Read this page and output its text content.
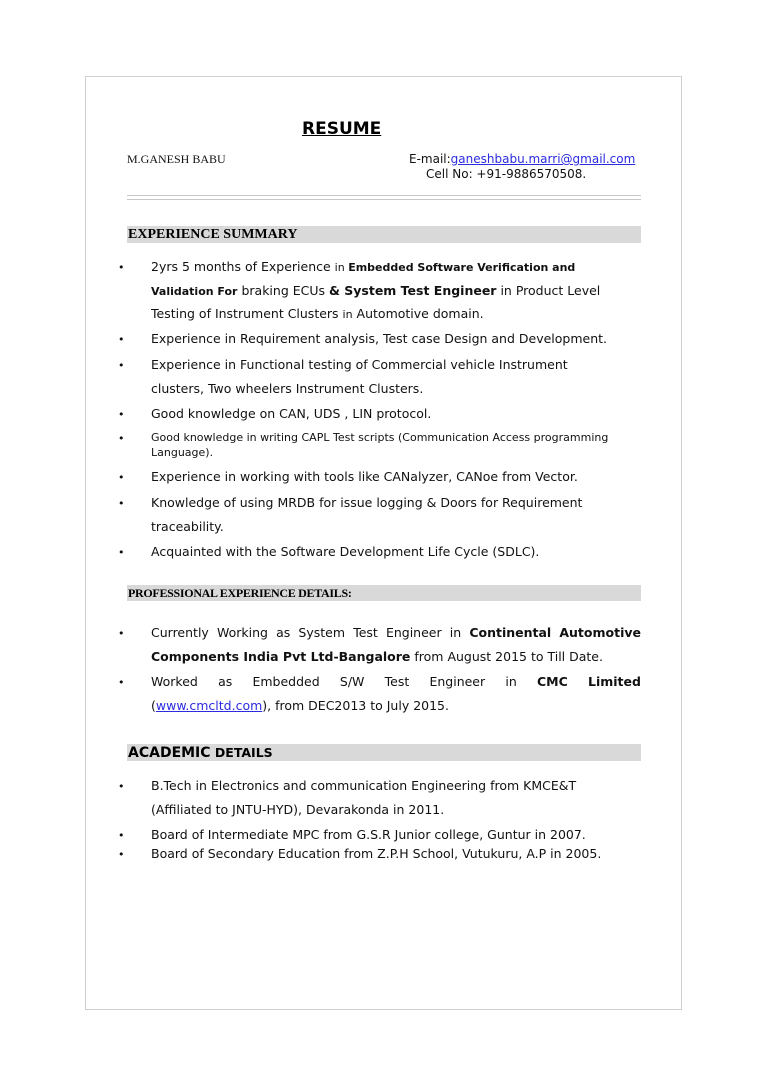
RESUME
M.GANESH BABU	E-mail:ganeshbabu.marri@gmail.com
Cell No: +91-9886570508.
EXPERIENCE SUMMARY
• 2yrs 5 months of Experience in Embedded Software Verification and
Validation For braking ECUs & System Test Engineer in Product Level
Testing of Instrument Clusters in Automotive domain.
• Experience in Requirement analysis, Test case Design and Development.
• Experience in Functional testing of Commercial vehicle Instrument
clusters, Two wheelers Instrument Clusters.
• Good knowledge on CAN, UDS , LIN protocol.
• Good knowledge in writing CAPL Test scripts (Communication Access programming
Language).
• Experience in working with tools like CANalyzer, CANoe from Vector.
• Knowledge of using MRDB for issue logging & Doors for Requirement
traceability.
• Acquainted with the Software Development Life Cycle (SDLC).
PROFESSIONAL EXPERIENCE DETAILS:
• Currently Working as System Test Engineer in Continental Automotive
Components India Pvt Ltd-Bangalore from August 2015 to Till Date.
• Worked as Embedded S/W Test Engineer in CMC Limited
(www.cmcltd.com), from DEC2013 to July 2015.
ACADEMIC DETAILS
• B.Tech in Electronics and communication Engineering from KMCE&T
(Affiliated to JNTU-HYD), Devarakonda in 2011.
• Board of Intermediate MPC from G.S.R Junior college, Guntur in 2007.
• Board of Secondary Education from Z.P.H School, Vutukuru, A.P in 2005.
